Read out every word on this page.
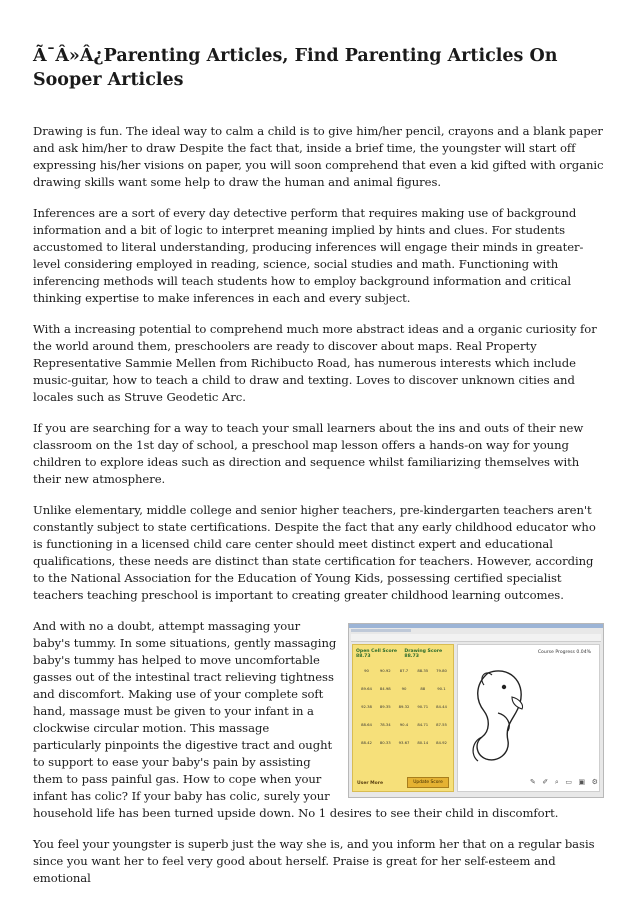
Ã¯Â»Â¿Parenting Articles, Find Parenting Articles On Sooper Articles

Drawing is fun. The ideal way to calm a child is to give him/her pencil, crayons and a blank paper and ask him/her to draw Despite the fact that, inside a brief time, the youngster will start off expressing his/her visions on paper, you will soon comprehend that even a kid gifted with organic drawing skills want some help to draw the human and animal figures.

Inferences are a sort of every day detective perform that requires making use of background information and a bit of logic to interpret meaning implied by hints and clues. For students accustomed to literal understanding, producing inferences will engage their minds in greater-level considering employed in reading, science, social studies and math. Functioning with inferencing methods will teach students how to employ background information and critical thinking expertise to make inferences in each and every subject.

With a increasing potential to comprehend much more abstract ideas and a organic curiosity for the world around them, preschoolers are ready to discover about maps. Real Property Representative Sammie Mellen from Richibucto Road, has numerous interests which include music-guitar, how to teach a child to draw and texting. Loves to discover unknown cities and locales such as Struve Geodetic Arc.

If you are searching for a way to teach your small learners about the ins and outs of their new classroom on the 1st day of school, a preschool map lesson offers a hands-on way for young children to explore ideas such as direction and sequence whilst familiarizing themselves with their new atmosphere.

Unlike elementary, middle college and senior higher teachers, pre-kindergarten teachers aren't constantly subject to state certifications. Despite the fact that any early childhood educator who is functioning in a licensed child care center should meet distinct expert and educational qualifications, these needs are distinct than state certification for teachers. However, according to the National Association for the Education of Young Kids, possessing certified specialist teachers teaching preschool is important to creating greater childhood learning outcomes.

Open Cell Score 88.73
Drawing Score 88.73
90	90.92	87.7	88.35	79.80
89.64	84.98	90	88	90.1
92.38	89.35	89.32	90.71	84.44
88.64	78.34	90.4	84.71	87.55
88.42	80.33	93.67	80.14	84.92
User More	Update Score
Course Progress 0.04%
✎ ✐ ⌕ ▭ ▣ ⚙

And with no a doubt, attempt massaging your baby's tummy. In some situations, gently massaging baby's tummy has helped to move uncomfortable gasses out of the intestinal tract relieving tightness and discomfort. Making use of your complete soft hand, massage must be given to your infant in a clockwise circular motion. This massage particularly pinpoints the digestive tract and ought to support to ease your baby's pain by assisting them to pass painful gas. How to cope when your infant has colic? If your baby has colic, surely your household life has been turned upside down. No 1 desires to see their child in discomfort.

You feel your youngster is superb just the way she is, and you inform her that on a regular basis since you want her to feel very good about herself. Praise is great for her self-esteem and emotional
